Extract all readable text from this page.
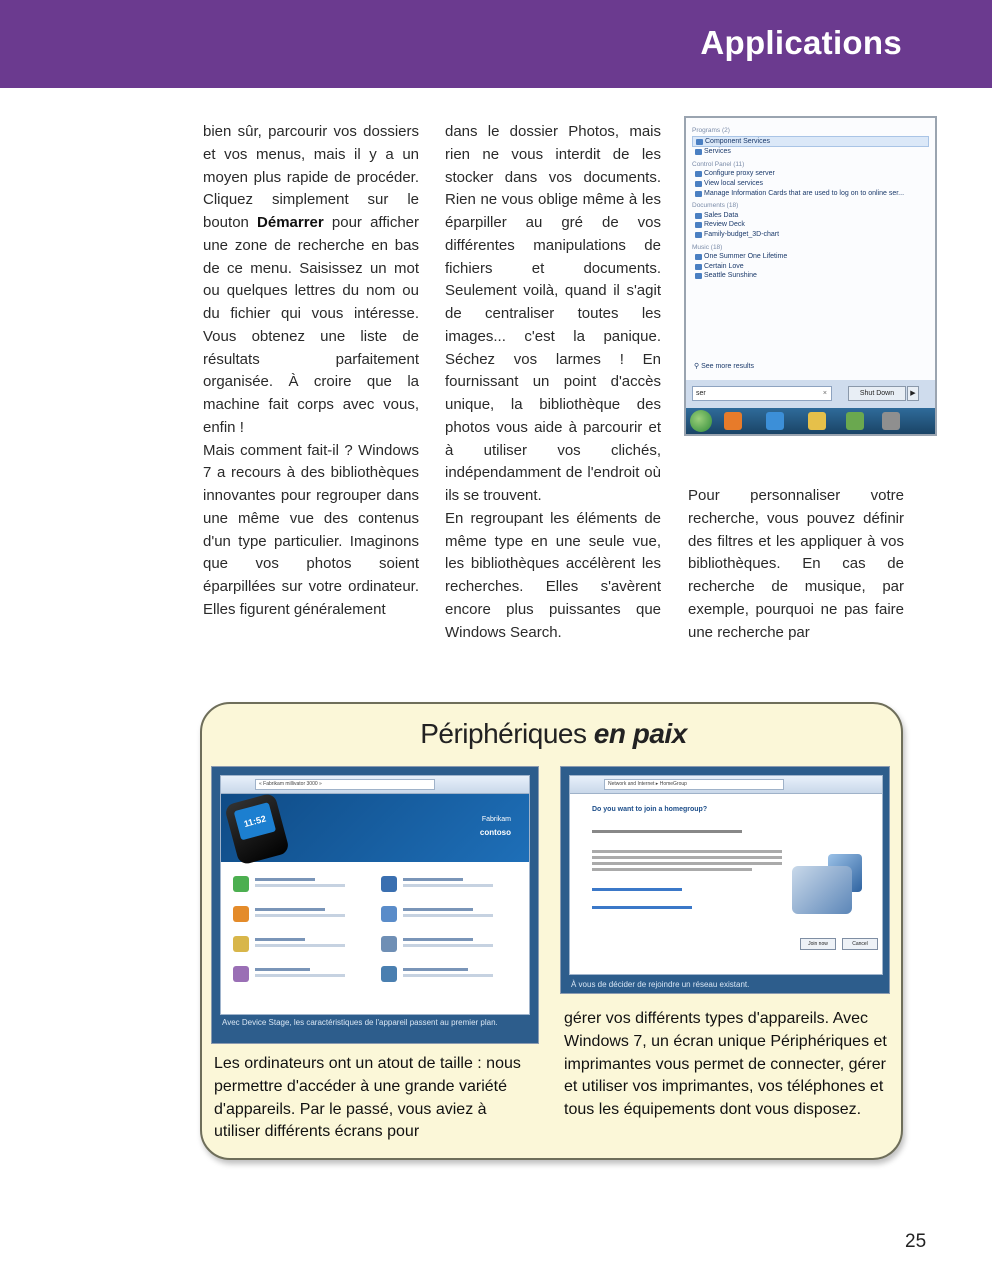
Applications

bien sûr, parcourir vos dossiers et vos menus, mais il y a un moyen plus rapide de procéder. Cliquez simplement sur le bouton Démarrer pour afficher une zone de recherche en bas de ce menu. Saisissez un mot ou quelques lettres du nom ou du fichier qui vous intéresse. Vous obtenez une liste de résultats parfaitement organisée. À croire que la machine fait corps avec vous, enfin !

Mais comment fait-il ? Windows 7 a recours à des bibliothèques innovantes pour regrouper dans une même vue des contenus d'un type particulier. Imaginons que vos photos soient éparpillées sur votre ordinateur. Elles figurent généralement

dans le dossier Photos, mais rien ne vous interdit de les stocker dans vos documents. Rien ne vous oblige même à les éparpiller au gré de vos différentes manipulations de fichiers et documents. Seulement voilà, quand il s'agit de centraliser toutes les images... c'est la panique. Séchez vos larmes ! En fournissant un point d'accès unique, la bibliothèque des photos vous aide à parcourir et à utiliser vos clichés, indépendamment de l'endroit où ils se trouvent.

En regroupant les éléments de même type en une seule vue, les bibliothèques accélèrent les recherches. Elles s'avèrent encore plus puissantes que Windows Search.

Pour personnaliser votre recherche, vous pouvez définir des filtres et les appliquer à vos bibliothèques. En cas de recherche de musique, par exemple, pourquoi ne pas faire une recherche par

Programs (2)
Component Services
Services
Control Panel (11)
Configure proxy server
View local services
Manage Information Cards that are used to log on to online ser...
Documents (18)
Sales Data
Review Deck
Family-budget_3D-chart
Music (18)
One Summer One Lifetime
Certain Love
Seattle Sunshine
⚲ See more results
ser	×	Shut Down	▶
Périphériques en paix
« Fabrikam millivator 3000 »
11:52	Fabrikam
contoso
Avec Device Stage, les caractéristiques de l'appareil passent au premier plan.
Network and Internet ▸ HomeGroup
Do you want to join a homegroup?
Join now	Cancel
À vous de décider de rejoindre un réseau existant.
Les ordinateurs ont un atout de taille : nous permettre d'accéder à une grande variété d'appareils. Par le passé, vous aviez à utiliser différents écrans pour
gérer vos différents types d'appareils. Avec Windows 7, un écran unique Périphériques et imprimantes vous permet de connecter, gérer et utiliser vos imprimantes, vos téléphones et tous les équipements dont vous disposez.
25
